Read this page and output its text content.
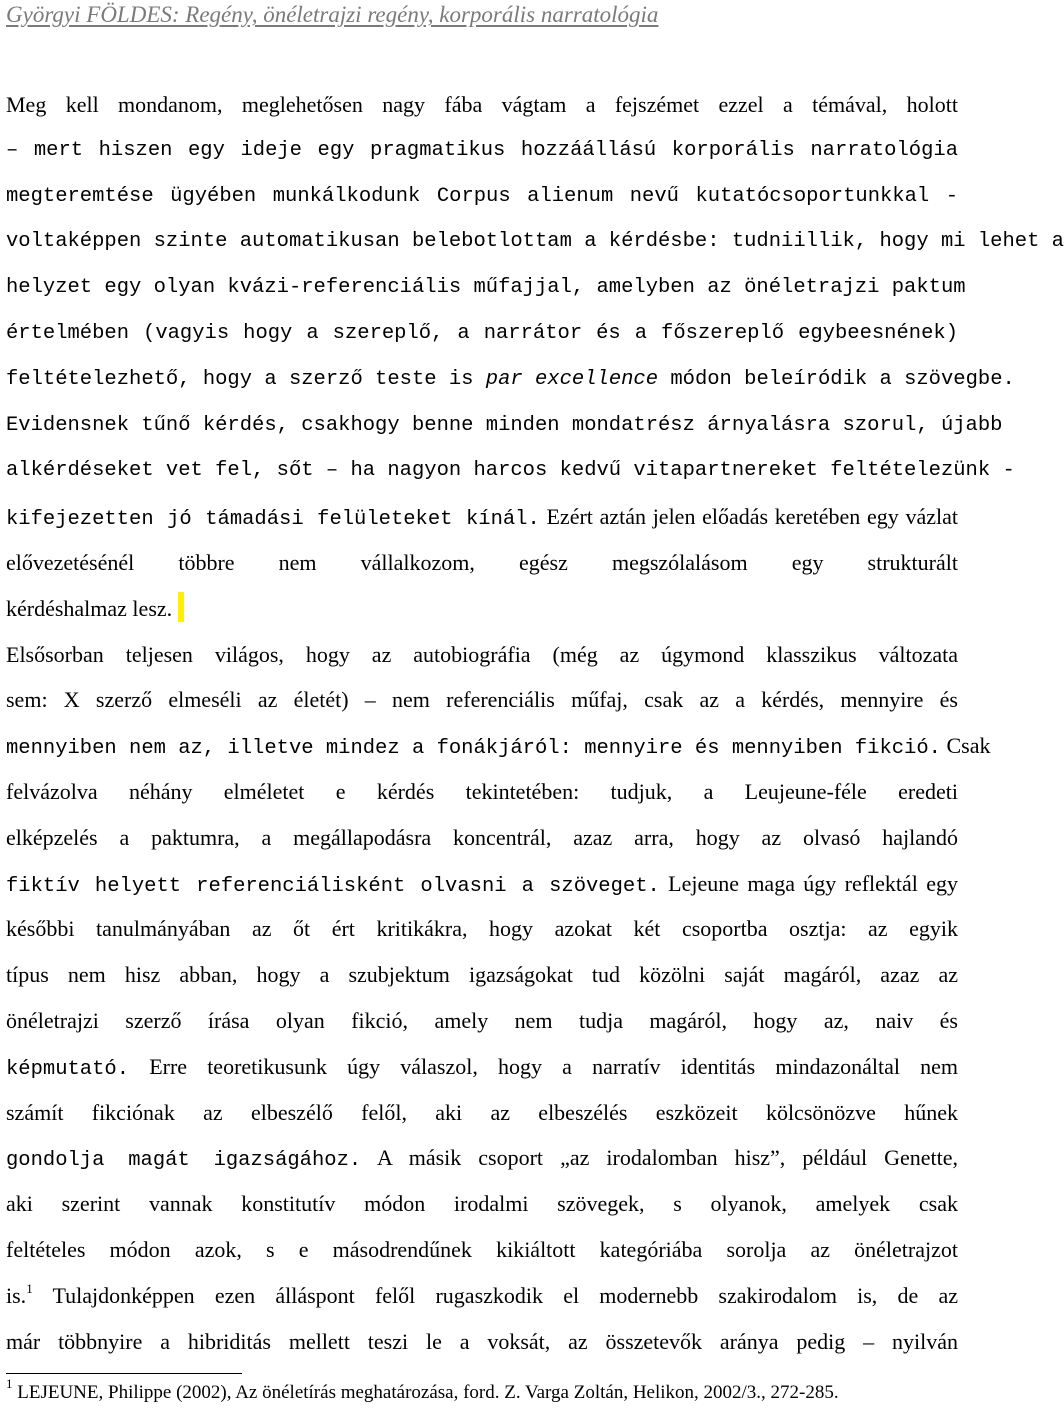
Györgyi FÖLDES: Regény, önéletrajzi regény, korporális narratológia
Meg kell mondanom, meglehetősen nagy fába vágtam a fejszémet ezzel a témával, holott
– mert hiszen egy ideje egy pragmatikus hozzáállású korporális narratológia
megteremtése ügyében munkálkodunk Corpus alienum nevű kutatócsoportunkkal -
voltaképpen szinte automatikusan belebotlottam a kérdésbe: tudniillik, hogy mi lehet a
helyzet egy olyan kvázi-referenciális műfajjal, amelyben az önéletrajzi paktum
értelmében (vagyis hogy a szereplő, a narrátor és a főszereplő egybeesnének)
feltételezhető, hogy a szerző teste is par excellence módon beleíródik a szövegbe.
Evidensnek tűnő kérdés, csakhogy benne minden mondatrész árnyalásra szorul, újabb
alkérdéseket vet fel, sőt – ha nagyon harcos kedvű vitapartnereket feltételezünk -
kifejezetten jó támadási felületeket kínál. Ezért aztán jelen előadás keretében egy vázlat
elővezetésénél többre nem vállalkozom, egész megszólalásom egy strukturált
kérdéshalmaz lesz.
Elsősorban teljesen világos, hogy az autobiográfia (még az úgymond klasszikus változata
sem: X szerző elmeséli az életét) – nem referenciális műfaj, csak az a kérdés, mennyire és
mennyiben nem az, illetve mindez a fonákjáról: mennyire és mennyiben fikció. Csak
felvázolva néhány elméletet e kérdés tekintetében: tudjuk, a Leujeune-féle eredeti
elképzelés a paktumra, a megállapodásra koncentrál, azaz arra, hogy az olvasó hajlandó
fiktív helyett referenciálisként olvasni a szöveget. Lejeune maga úgy reflektál egy
későbbi tanulmányában az őt ért kritikákra, hogy azokat két csoportba osztja: az egyik
típus nem hisz abban, hogy a szubjektum igazságokat tud közölni saját magáról, azaz az
önéletrajzi szerző írása olyan fikció, amely nem tudja magáról, hogy az, naiv és
képmutató. Erre teoretikusunk úgy válaszol, hogy a narratív identitás mindazonáltal nem
számít fikciónak az elbeszélő felől, aki az elbeszélés eszközeit kölcsönözve hűnek
gondolja magát igazságához. A másik csoport „az irodalomban hisz”, például Genette,
aki szerint vannak konstitutív módon irodalmi szövegek, s olyanok, amelyek csak
feltételes módon azok, s e másodrendűnek kikiáltott kategóriába sorolja az önéletrajzot
is.$^1$ Tulajdonképpen ezen álláspont felől rugaszkodik el modernebb szakirodalom is, de az
már többnyire a hibriditás mellett teszi le a voksát, az összetevők aránya pedig – nyilván
$^1$ LEJEUNE, Philippe (2002), Az önéletírás meghatározása, ford. Z. Varga Zoltán, Helikon, 2002/3., 272-285.
